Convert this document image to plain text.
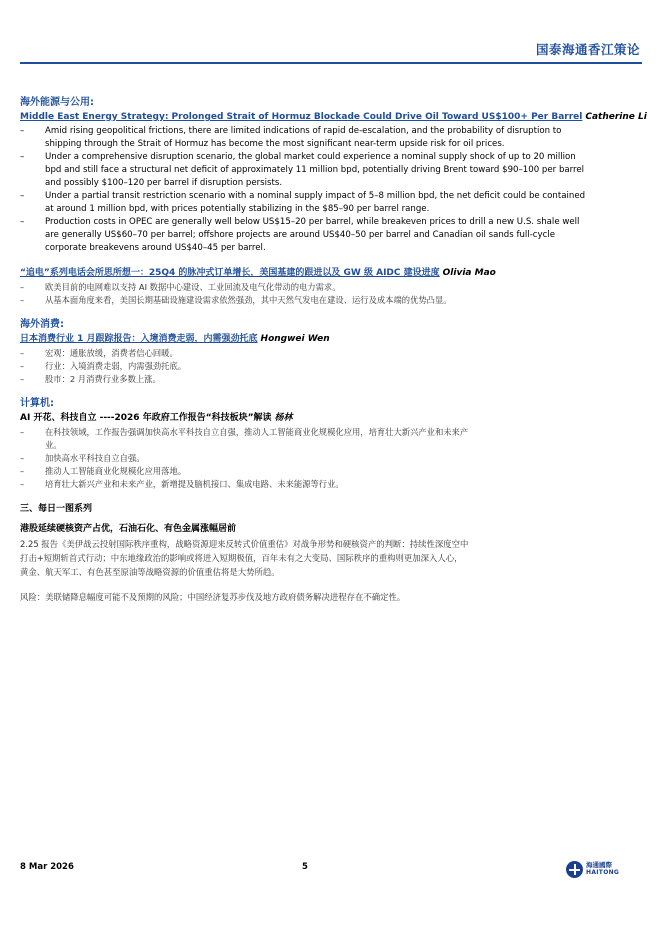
国泰海通香江策论

海外能源与公用:

Middle East Energy Strategy: Prolonged Strait of Hormuz Blockade Could Drive Oil Toward US$100+ Per Barrel Catherine Li
– Amid rising geopolitical frictions, there are limited indications of rapid de-escalation, and the probability of disruption to
shipping through the Strait of Hormuz has become the most significant near-term upside risk for oil prices.
– Under a comprehensive disruption scenario, the global market could experience a nominal supply shock of up to 20 million
bpd and still face a structural net deficit of approximately 11 million bpd, potentially driving Brent toward $90–100 per barrel
and possibly $100–120 per barrel if disruption persists.
– Under a partial transit restriction scenario with a nominal supply impact of 5–8 million bpd, the net deficit could be contained
at around 1 million bpd, with prices potentially stabilizing in the $85–90 per barrel range.
– Production costs in OPEC are generally well below US$15–20 per barrel, while breakeven prices to drill a new U.S. shale well
are generally US$60–70 per barrel; offshore projects are around US$40–50 per barrel and Canadian oil sands full-cycle
corporate breakevens around US$40–45 per barrel.
“追电”系列电话会所思所想一：25Q4 的脉冲式订单增长，美国基建的跟进以及 GW 级 AIDC 建设进度 Olivia Mao
–	欧美目前的电网难以支持 AI 数据中心建设、工业回流及电气化带动的电力需求。
–	从基本面角度来看，美国长期基础设施建设需求依然强劲，其中天然气发电在建设、运行及成本端的优势凸显。

海外消费:

日本消费行业 1 月跟踪报告：入境消费走弱，内需强劲托底 Hongwei Wen
–	宏观：通胀放缓，消费者信心回暖。
–	行业：入境消费走弱，内需强劲托底。
–	股市：2 月消费行业多数上涨。

计算机:

AI 开花、科技自立 ----2026 年政府工作报告“科技板块”解读 杨林
–	在科技领域，工作报告强调加快高水平科技自立自强，推动人工智能商业化规模化应用，培育壮大新兴产业和未来产
业。
–	加快高水平科技自立自强。
–	推动人工智能商业化规模化应用落地。
–	培育壮大新兴产业和未来产业，新增提及脑机接口、集成电路、未来能源等行业。

三、每日一图系列

港股延续硬核资产占优，石油石化、有色金属涨幅居前

2.25 报告《美伊战云投射国际秩序重构，战略资源迎来反转式价值重估》对战争形势和硬核资产的判断：持续性深度空中
打击+短期斩首式行动；中东地缘政治的影响或将进入短期极值，百年未有之大变局、国际秩序的重构则更加深入人心，
黄金、航天军工、有色甚至原油等战略资源的价值重估将是大势所趋。

风险：美联储降息幅度可能不及预期的风险；中国经济复苏步伐及地方政府债务解决进程存在不确定性。

8 Mar 2026	5	海通國際
HAITONG
